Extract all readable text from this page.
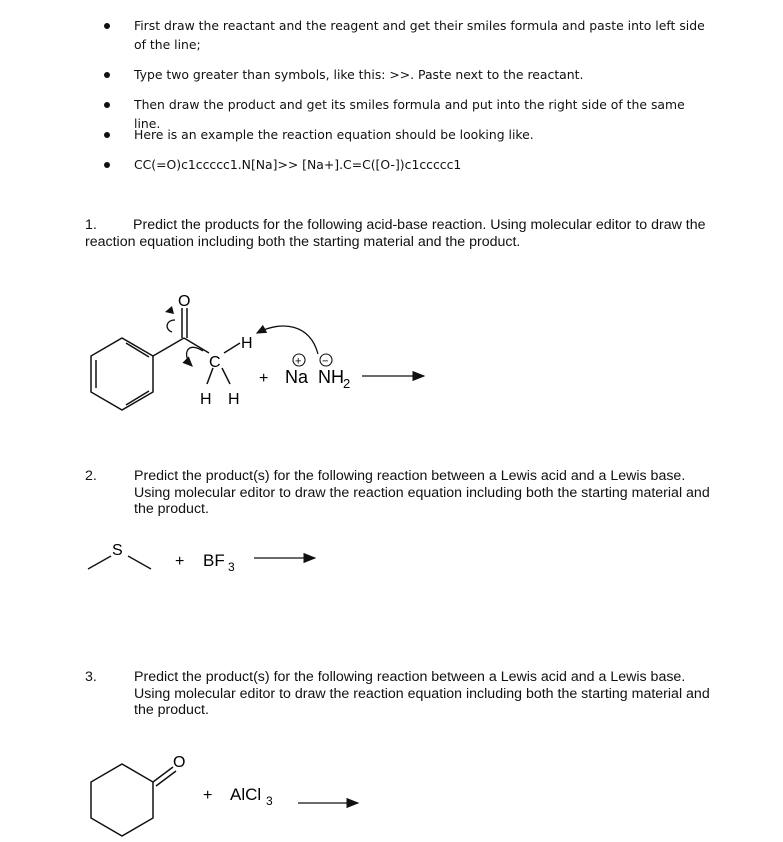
First draw the reactant and the reagent and get their smiles formula and paste into left side of the line;
Type two greater than symbols, like this: >>. Paste next to the reactant.
Then draw the product and get its smiles formula and put into the right side of the same line.
Here is an example the reaction equation should be looking like.
CC(=O)c1ccccc1.N[Na]>> [Na+].C=C([O-])c1ccccc1
1.	Predict the products for the following acid-base reaction. Using molecular editor to draw the reaction equation including both the starting material and the product.
O
C
H
H H
+ Na NH 2
+ −
2.	Predict the product(s) for the following reaction between a Lewis acid and a Lewis base. Using molecular editor to draw the reaction equation including both the starting material and the product.
S
+ BF 3
3.	Predict the product(s) for the following reaction between a Lewis acid and a Lewis base. Using molecular editor to draw the reaction equation including both the starting material and the product.
O
+ AlCl 3
